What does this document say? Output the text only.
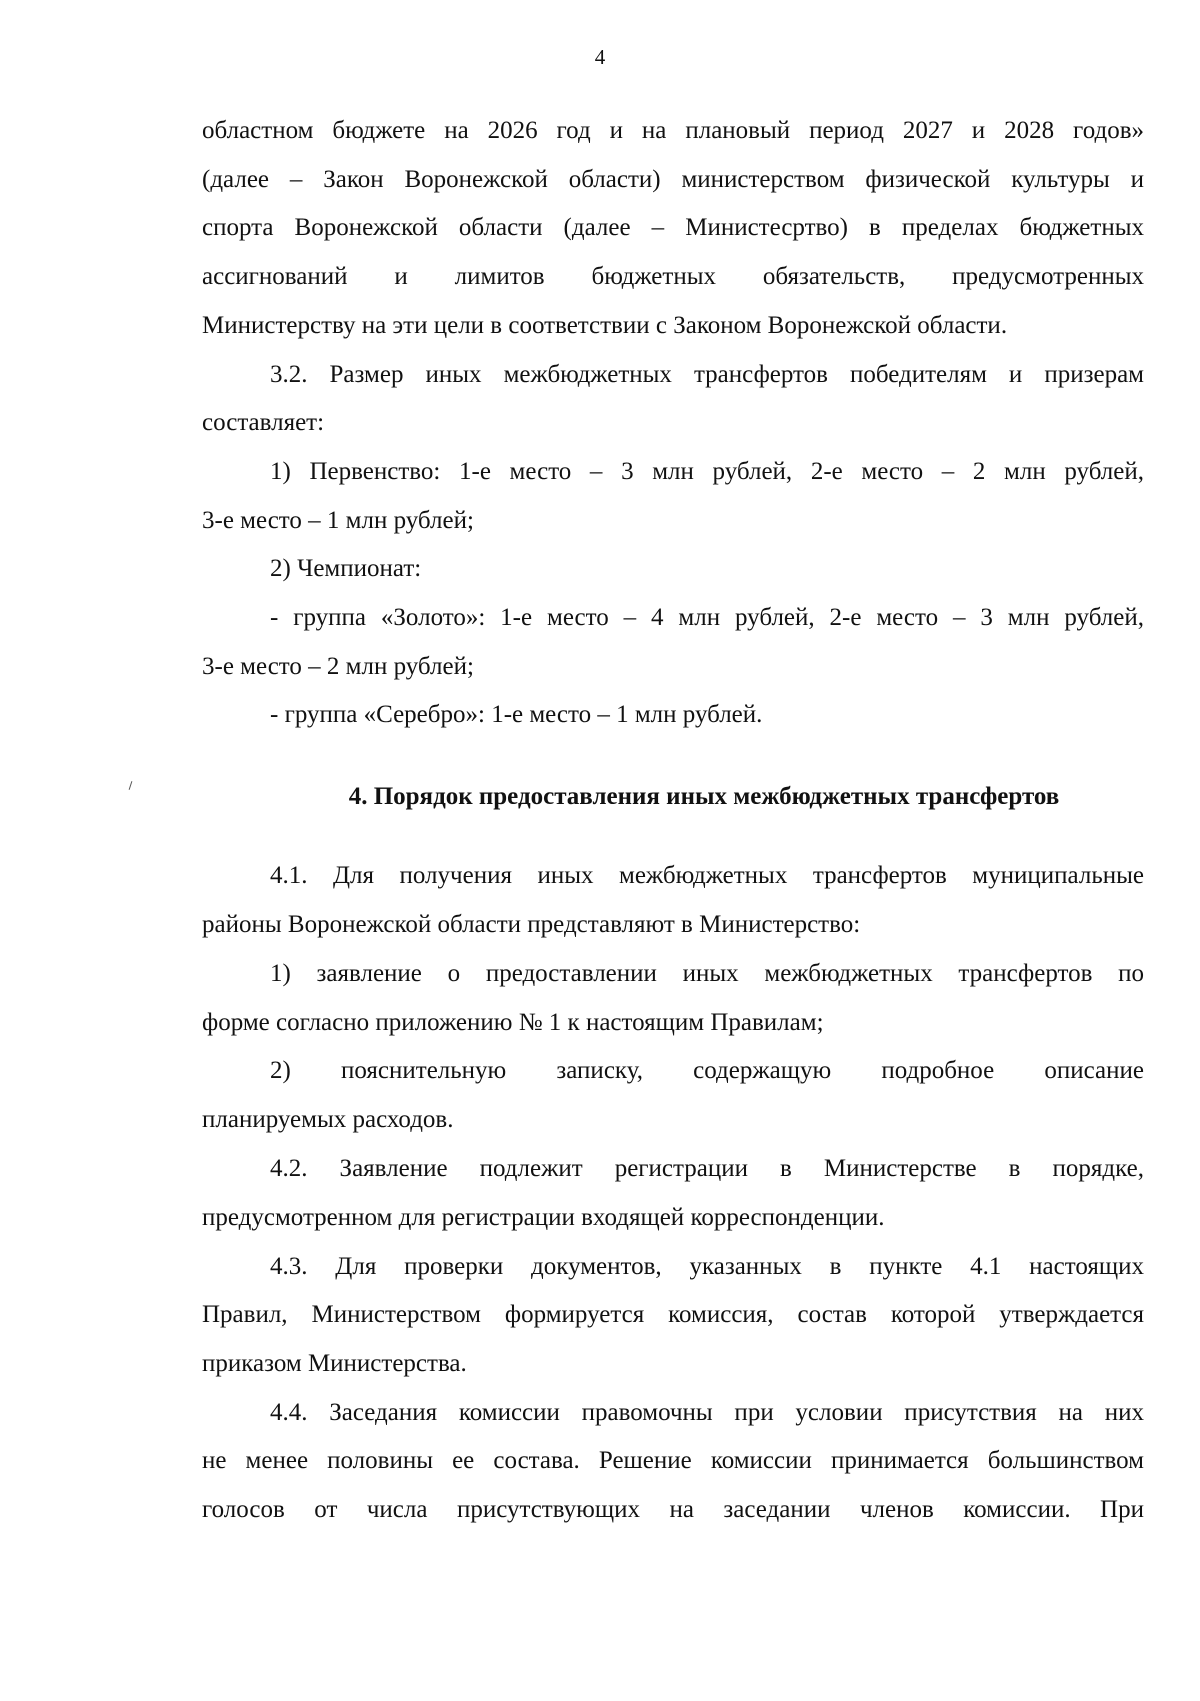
4
областном бюджете на 2026 год и на плановый период 2027 и 2028 годов»
(далее – Закон Воронежской области) министерством физической культуры и
спорта Воронежской области (далее – Министесртво) в пределах бюджетных
ассигнований и лимитов бюджетных обязательств, предусмотренных
Министерству на эти цели в соответствии с Законом Воронежской области.
3.2. Размер иных межбюджетных трансфертов победителям и призерам
составляет:
1) Первенство: 1-е место – 3 млн рублей, 2-е место – 2 млн рублей,
3-е место – 1 млн рублей;
2) Чемпионат:
- группа «Золото»: 1-е место – 4 млн рублей, 2-е место – 3 млн рублей,
3-е место – 2 млн рублей;
- группа «Серебро»: 1-е место – 1 млн рублей.
4. Порядок предоставления иных межбюджетных трансфертов
4.1. Для получения иных межбюджетных трансфертов муниципальные
районы Воронежской области представляют в Министерство:
1) заявление о предоставлении иных межбюджетных трансфертов по
форме согласно приложению № 1 к настоящим Правилам;
2) пояснительную записку, содержащую подробное описание
планируемых расходов.
4.2. Заявление подлежит регистрации в Министерстве в порядке,
предусмотренном для регистрации входящей корреспонденции.
4.3. Для проверки документов, указанных в пункте 4.1 настоящих
Правил, Министерством формируется комиссия, состав которой утверждается
приказом Министерства.
4.4. Заседания комиссии правомочны при условии присутствия на них
не менее половины ее состава. Решение комиссии принимается большинством
голосов от числа присутствующих на заседании членов комиссии. При
